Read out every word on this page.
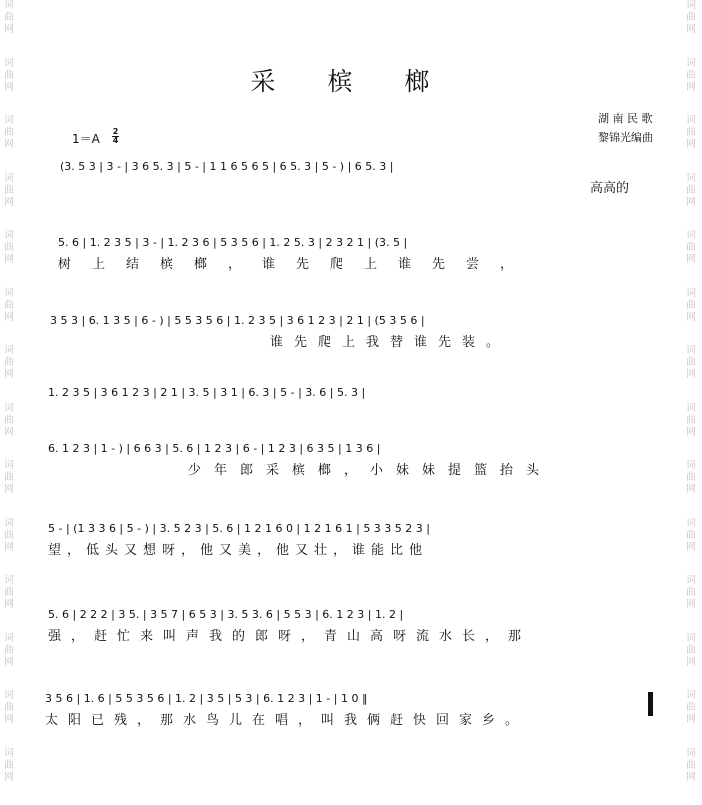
词
曲
网
词
曲
网
词
曲
网
词
曲
网
词
曲
网
词
曲
网
词
曲
网
词
曲
网
词
曲
网
词
曲
网
词
曲
网
词
曲
网
词
曲
网
词
曲
网
词
曲
网
词
曲
网
词
曲
网
词
曲
网
词
曲
网
词
曲
网
词
曲
网
词
曲
网
词
曲
网
词
曲
网
词
曲
网
词
曲
网
词
曲
网
词
曲
网
采 槟 榔
1＝A
2
4
湖 南 民 歌
黎锦光编曲
(3. 5 3 | 3 - | 3 6 5. 3 | 5 - | 1 1 6 5 6 5 | 6 5. 3 | 5 - ) | 6 5. 3 |
高高的
5. 6 | 1. 2 3 5 | 3 - | 1. 2 3 6 | 5 3 5 6 | 1. 2 5. 3 | 2 3 2 1 | (3. 5 |
树上结槟榔，谁先爬上谁先尝，
3 5 3 | 6. 1 3 5 | 6 - ) | 5 5 3 5 6 | 1. 2 3 5 | 3 6 1 2 3 | 2 1 | (5 3 5 6 |
谁先爬上我替谁先装。
1. 2 3 5 | 3 6 1 2 3 | 2 1 | 3. 5 | 3 1 | 6. 3 | 5 - | 3. 6 | 5. 3 |
6. 1 2 3 | 1 - ) | 6 6 3 | 5. 6 | 1 2 3 | 6 - | 1 2 3 | 6 3 5 | 1 3 6 |
少年郎采槟榔，小妹妹提篮抬头
5 - | (1 3 3 6 | 5 - ) | 3. 5 2 3 | 5. 6 | 1 2 1 6 0 | 1 2 1 6 1 | 5 3 3 5 2 3 |
望，低头又想呀，他又美，他又壮，谁能比他
5. 6 | 2 2 2 | 3 5. | 3 5 7 | 6 5 3 | 3. 5 3. 6 | 5 5 3 | 6. 1 2 3 | 1. 2 |
强，赶忙来叫声我的郎呀，青山高呀流水长，那
3 5 6 | 1. 6 | 5 5 3 5 6 | 1. 2 | 3 5 | 5 3 | 6. 1 2 3 | 1 - | 1 0 ‖
太阳已残，那水鸟儿在唱，叫我俩赶快回家乡。
